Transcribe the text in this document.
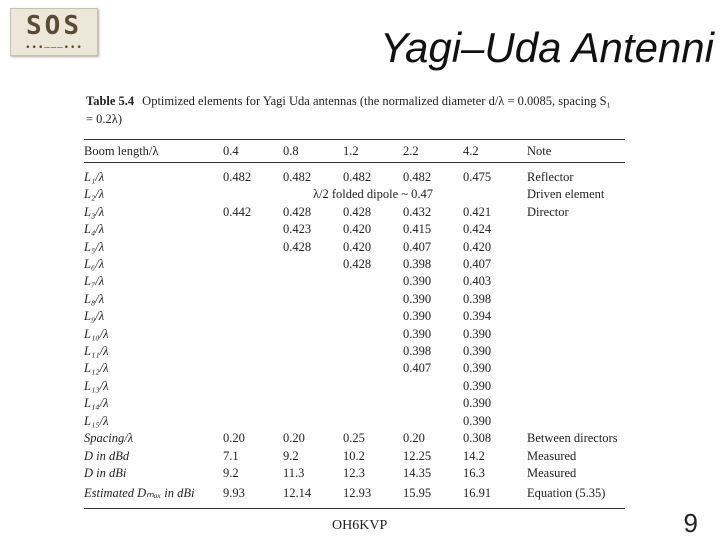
SOS
•••–––•••	Yagi–Uda Antenni
Table 5.4 Optimized elements for Yagi Uda antennas (the normalized diameter d/λ = 0.0085, spacing S₁ = 0.2λ)
Boom length/λ	0.4	0.8	1.2	2.2	4.2	Note
L₁/λ	0.482	0.482	0.482	0.482	0.475	Reflector
L₂/λ	λ/2 folded dipole ~ 0.47					Driven element
L₃/λ	0.442	0.428	0.428	0.432	0.421	Director
L₄/λ		0.423	0.420	0.415	0.424	
L₅/λ		0.428	0.420	0.407	0.420	
L₆/λ			0.428	0.398	0.407	
L₇/λ				0.390	0.403	
L₈/λ				0.390	0.398	
L₉/λ				0.390	0.394	
L₁₀/λ				0.390	0.390	
L₁₁/λ				0.398	0.390	
L₁₂/λ				0.407	0.390	
L₁₃/λ					0.390	
L₁₄/λ					0.390	
L₁₅/λ					0.390	
Spacing/λ	0.20	0.20	0.25	0.20	0.308	Between directors
D in dBd	7.1	9.2	10.2	12.25	14.2	Measured
D in dBi	9.2	11.3	12.3	14.35	16.3	Measured
Estimated Dₘₐₓ in dBi	9.93	12.14	12.93	15.95	16.91	Equation (5.35)
OH6KVP	9
